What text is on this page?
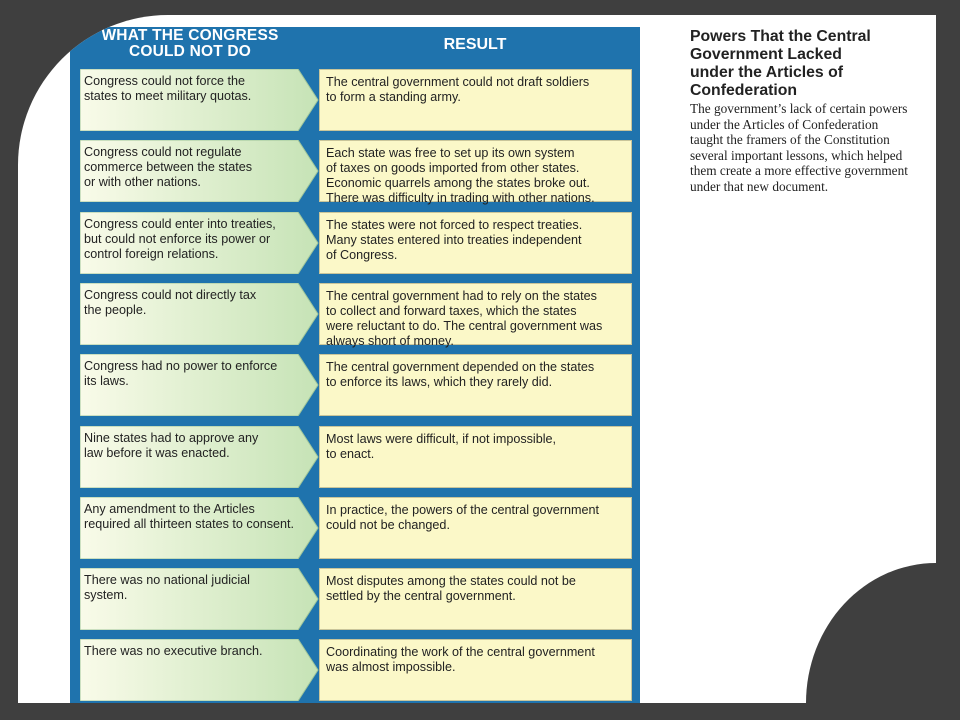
WHAT THE CONGRESS
COULD NOT DO	RESULT
Congress could not force the
states to meet military quotas.
The central government could not draft soldiers
to form a standing army.
Congress could not regulate
commerce between the states
or with other nations.
Each state was free to set up its own system
of taxes on goods imported from other states.
Economic quarrels among the states broke out.
There was difficulty in trading with other nations.
Congress could enter into treaties,
but could not enforce its power or
control foreign relations.
The states were not forced to respect treaties.
Many states entered into treaties independent
of Congress.
Congress could not directly tax
the people.
The central government had to rely on the states
to collect and forward taxes, which the states
were reluctant to do. The central government was
always short of money.
Congress had no power to enforce
its laws.
The central government depended on the states
to enforce its laws, which they rarely did.
Nine states had to approve any
law before it was enacted.
Most laws were difficult, if not impossible,
to enact.
Any amendment to the Articles
required all thirteen states to consent.
In practice, the powers of the central government
could not be changed.
There was no national judicial
system.
Most disputes among the states could not be
settled by the central government.
There was no executive branch.	Coordinating the work of the central government
was almost impossible.
Powers That the Central
Government Lacked
under the Articles of
Confederation
The government’s lack of certain powers
under the Articles of Confederation
taught the framers of the Constitution
several important lessons, which helped
them create a more effective government
under that new document.
